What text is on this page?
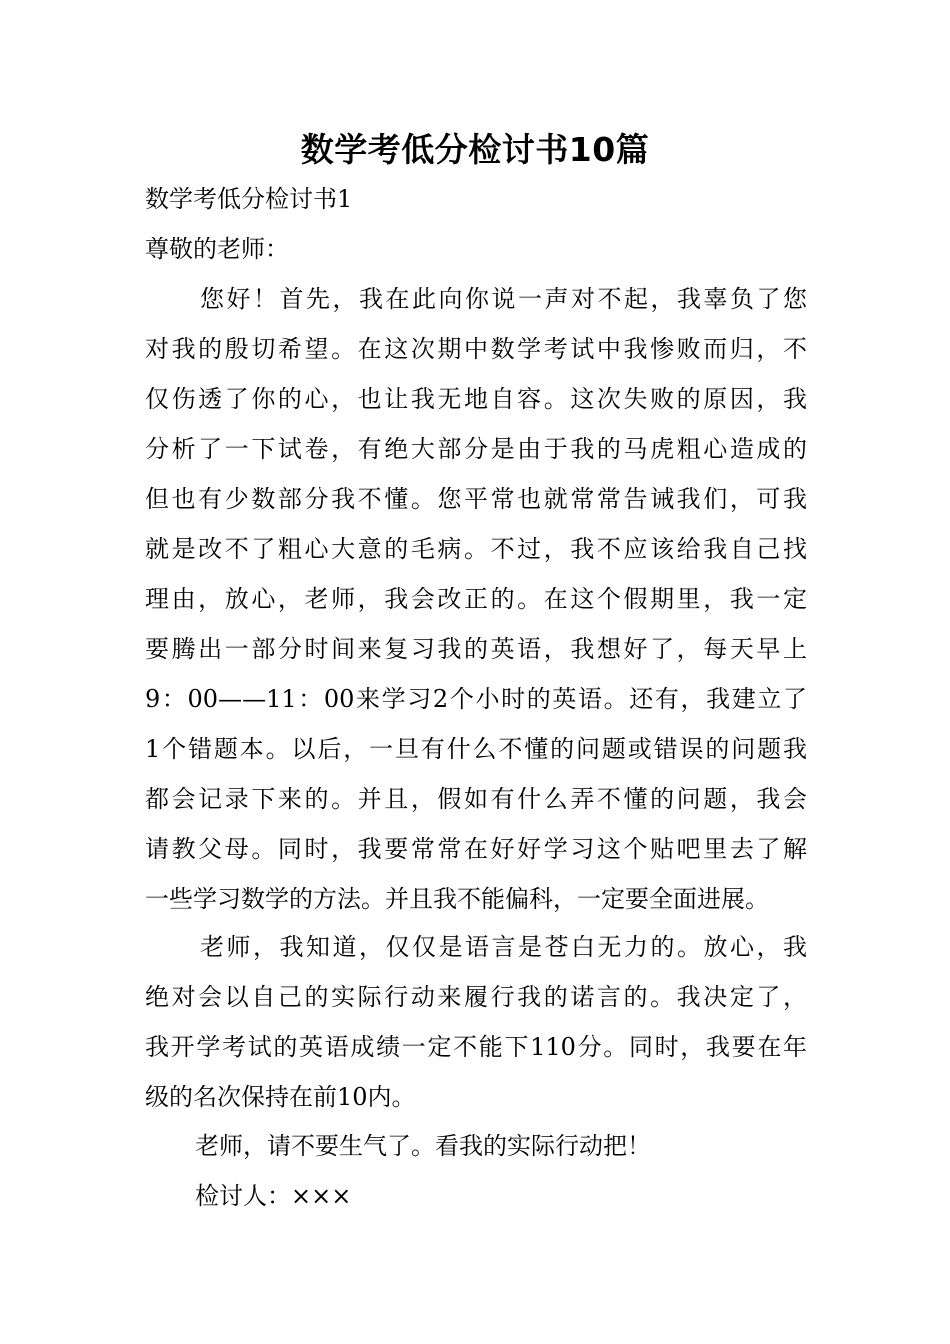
数学考低分检讨书10篇
数学考低分检讨书1
尊敬的老师：
您好！首先，我在此向你说一声对不起，我辜负了您
对我的殷切希望。在这次期中数学考试中我惨败而归，不
仅伤透了你的心，也让我无地自容。这次失败的原因，我
分析了一下试卷，有绝大部分是由于我的马虎粗心造成的
但也有少数部分我不懂。您平常也就常常告诫我们，可我
就是改不了粗心大意的毛病。不过，我不应该给我自己找
理由，放心，老师，我会改正的。在这个假期里，我一定
要腾出一部分时间来复习我的英语，我想好了，每天早上
9：00——11：00来学习2个小时的英语。还有，我建立了
1个错题本。以后，一旦有什么不懂的问题或错误的问题我
都会记录下来的。并且，假如有什么弄不懂的问题，我会
请教父母。同时，我要常常在好好学习这个贴吧里去了解
一些学习数学的方法。并且我不能偏科，一定要全面进展。
老师，我知道，仅仅是语言是苍白无力的。放心，我
绝对会以自己的实际行动来履行我的诺言的。我决定了，
我开学考试的英语成绩一定不能下110分。同时，我要在年
级的名次保持在前10内。
老师，请不要生气了。看我的实际行动把！
检讨人：×××
